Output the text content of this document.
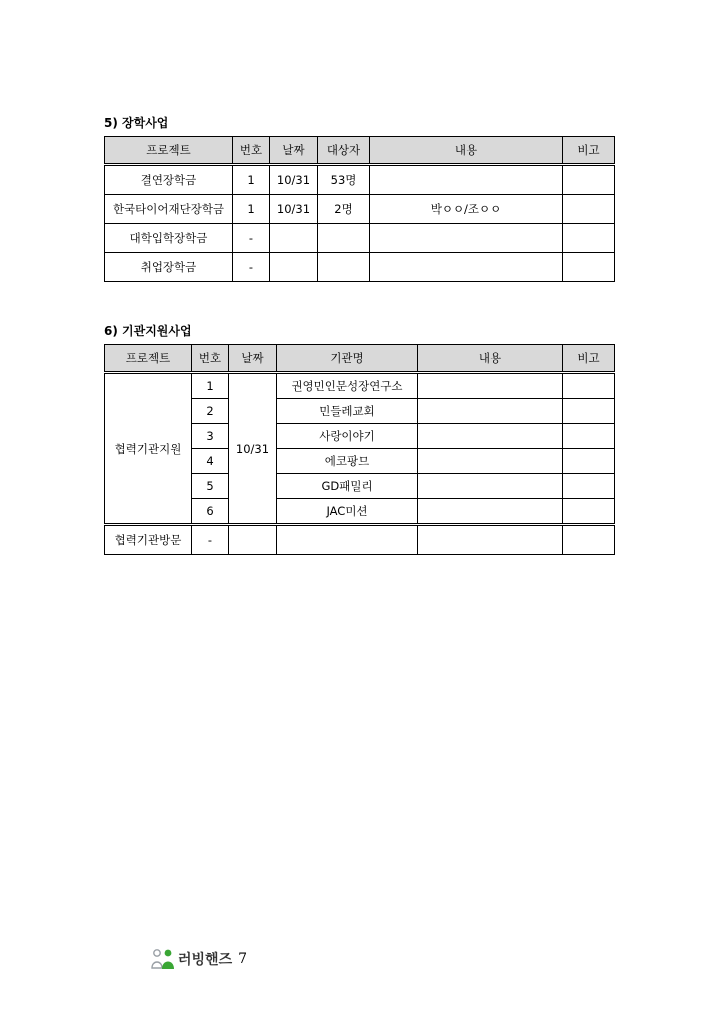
5) 장학사업
프로젝트	번호	날짜	대상자	내용	비고
결연장학금	1	10/31	53명		
한국타이어재단장학금	1	10/31	2명	박ㅇㅇ/조ㅇㅇ	
대학입학장학금	-				
취업장학금	-				
6) 기관지원사업
프로젝트	번호	날짜	기관명	내용	비고
협력기관지원	1	10/31	권영민인문성장연구소		
	2		민들레교회		
	3		사랑이야기		
	4		에코팡므		
	5		GD패밀리		
	6		JAC미션		
협력기관방문	-				
러빙핸즈 7
